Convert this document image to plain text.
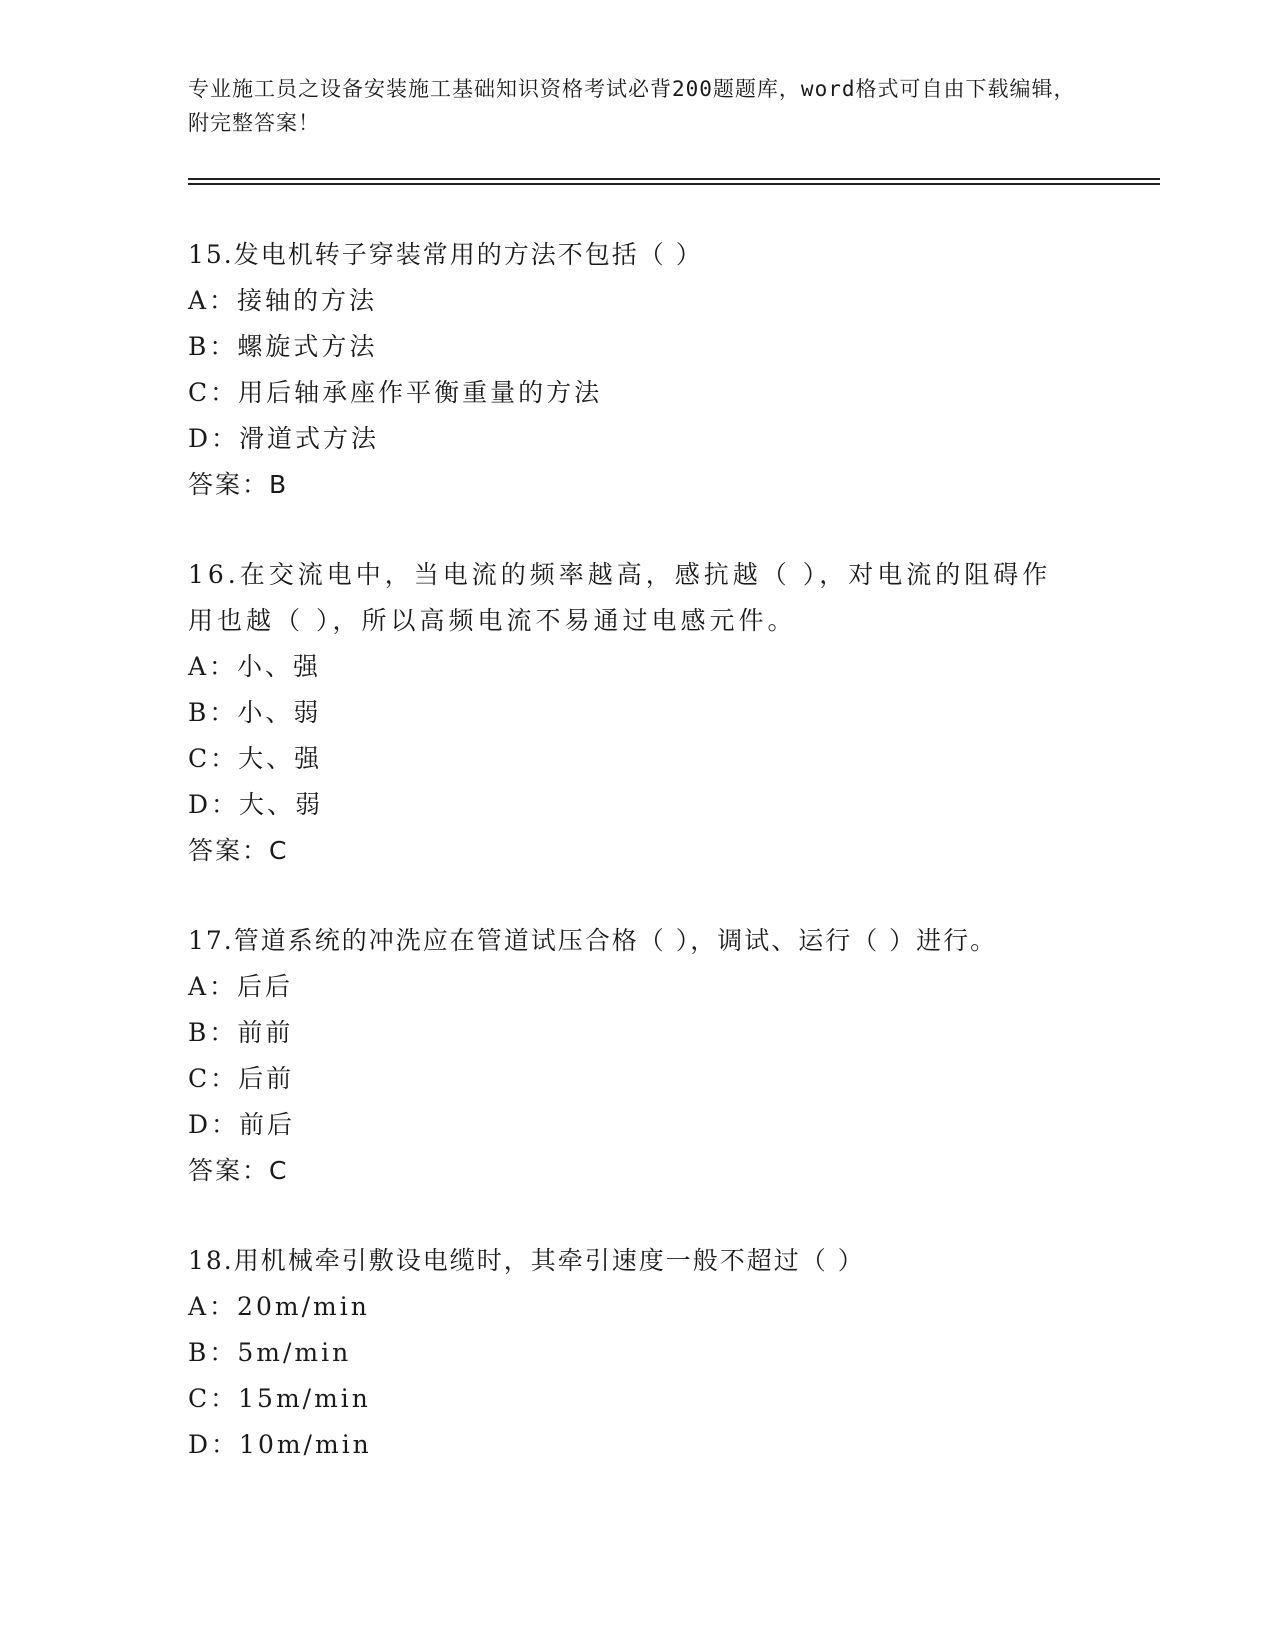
专业施工员之设备安装施工基础知识资格考试必背200题题库，word格式可自由下载编辑，附完整答案！

15.发电机转子穿装常用的方法不包括（ ）

A：接轴的方法

B：螺旋式方法

C：用后轴承座作平衡重量的方法

D：滑道式方法

答案：B

16.在交流电中，当电流的频率越高，感抗越（ ），对电流的阻碍作

用也越（ ），所以高频电流不易通过电感元件。

A：小、强

B：小、弱

C：大、强

D：大、弱

答案：C

17.管道系统的冲洗应在管道试压合格（ ），调试、运行（ ）进行。

A：后后

B：前前

C：后前

D：前后

答案：C

18.用机械牵引敷设电缆时，其牵引速度一般不超过（ ）

A：20m/min

B：5m/min

C：15m/min

D：10m/min
